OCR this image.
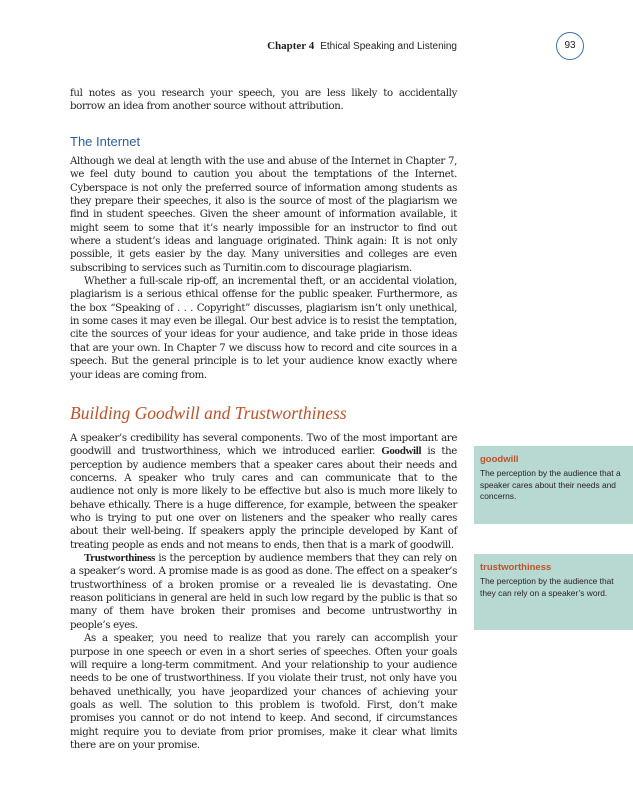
Chapter 4 Ethical Speaking and Listening	93

ful notes as you research your speech, you are less likely to accidentally borrow an idea from another source without attribution.

The Internet

Although we deal at length with the use and abuse of the Internet in Chapter 7, we feel duty bound to caution you about the temptations of the Internet. Cyberspace is not only the preferred source of information among students as they prepare their speeches, it also is the source of most of the plagiarism we find in student speeches. Given the sheer amount of information available, it might seem to some that it’s nearly impossible for an instructor to find out where a student’s ideas and language originated. Think again: It is not only possible, it gets easier by the day. Many universities and colleges are even subscribing to services such as Turnitin.com to discourage plagiarism.

Whether a full-scale rip-off, an incremental theft, or an accidental violation, plagiarism is a serious ethical offense for the public speaker. Furthermore, as the box “Speaking of . . . Copyright” discusses, plagiarism isn’t only unethical, in some cases it may even be illegal. Our best advice is to resist the temptation, cite the sources of your ideas for your audience, and take pride in those ideas that are your own. In Chapter 7 we discuss how to record and cite sources in a speech. But the general principle is to let your audience know exactly where your ideas are coming from.

Building Goodwill and Trustworthiness

A speaker’s credibility has several components. Two of the most important are goodwill and trustworthiness, which we introduced earlier. Goodwill is the perception by audience members that a speaker cares about their needs and concerns. A speaker who truly cares and can communicate that to the audience not only is more likely to be effective but also is much more likely to behave ethically. There is a huge difference, for example, between the speaker who is trying to put one over on listeners and the speaker who really cares about their well-being. If speakers apply the principle developed by Kant of treating people as ends and not means to ends, then that is a mark of goodwill.

Trustworthiness is the perception by audience members that they can rely on a speaker’s word. A promise made is as good as done. The effect on a speaker’s trustworthiness of a broken promise or a revealed lie is devastating. One reason politicians in general are held in such low regard by the public is that so many of them have broken their promises and become untrustworthy in people’s eyes.

As a speaker, you need to realize that you rarely can accomplish your purpose in one speech or even in a short series of speeches. Often your goals will require a long-term commitment. And your relationship to your audience needs to be one of trustworthiness. If you violate their trust, not only have you behaved unethically, you have jeopardized your chances of achieving your goals as well. The solution to this problem is twofold. First, don’t make promises you cannot or do not intend to keep. And second, if circumstances might require you to deviate from prior promises, make it clear what limits there are on your promise.

goodwill
The perception by the audience that a speaker cares about their needs and concerns.
trustworthiness
The perception by the audience that they can rely on a speaker’s word.
